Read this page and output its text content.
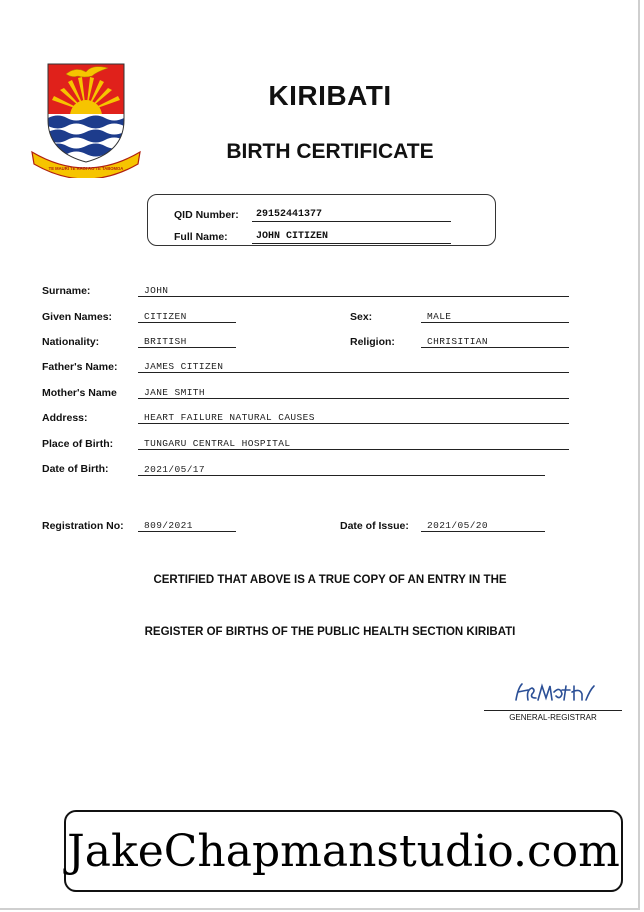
TE MAURI TE RAOI AO TE TABOMOA
KIRIBATI
BIRTH CERTIFICATE
QID Number:	29152441377
Full Name:	JOHN CITIZEN
Surname:	JOHN
Given Names:	CITIZEN	Sex:	MALE
Nationality:	BRITISH	Religion:	CHRISITIAN
Father's Name:	JAMES CITIZEN
Mother's Name	JANE SMITH
Address:	HEART FAILURE NATURAL CAUSES
Place of Birth:	TUNGARU CENTRAL HOSPITAL
Date of Birth:	2021/05/17
Registration No:	809/2021	Date of Issue:	2021/05/20
CERTIFIED THAT ABOVE IS A TRUE COPY OF AN ENTRY IN THE
REGISTER OF BIRTHS OF THE PUBLIC HEALTH SECTION KIRIBATI
GENERAL-REGISTRAR
JakeChapmanstudio.com
